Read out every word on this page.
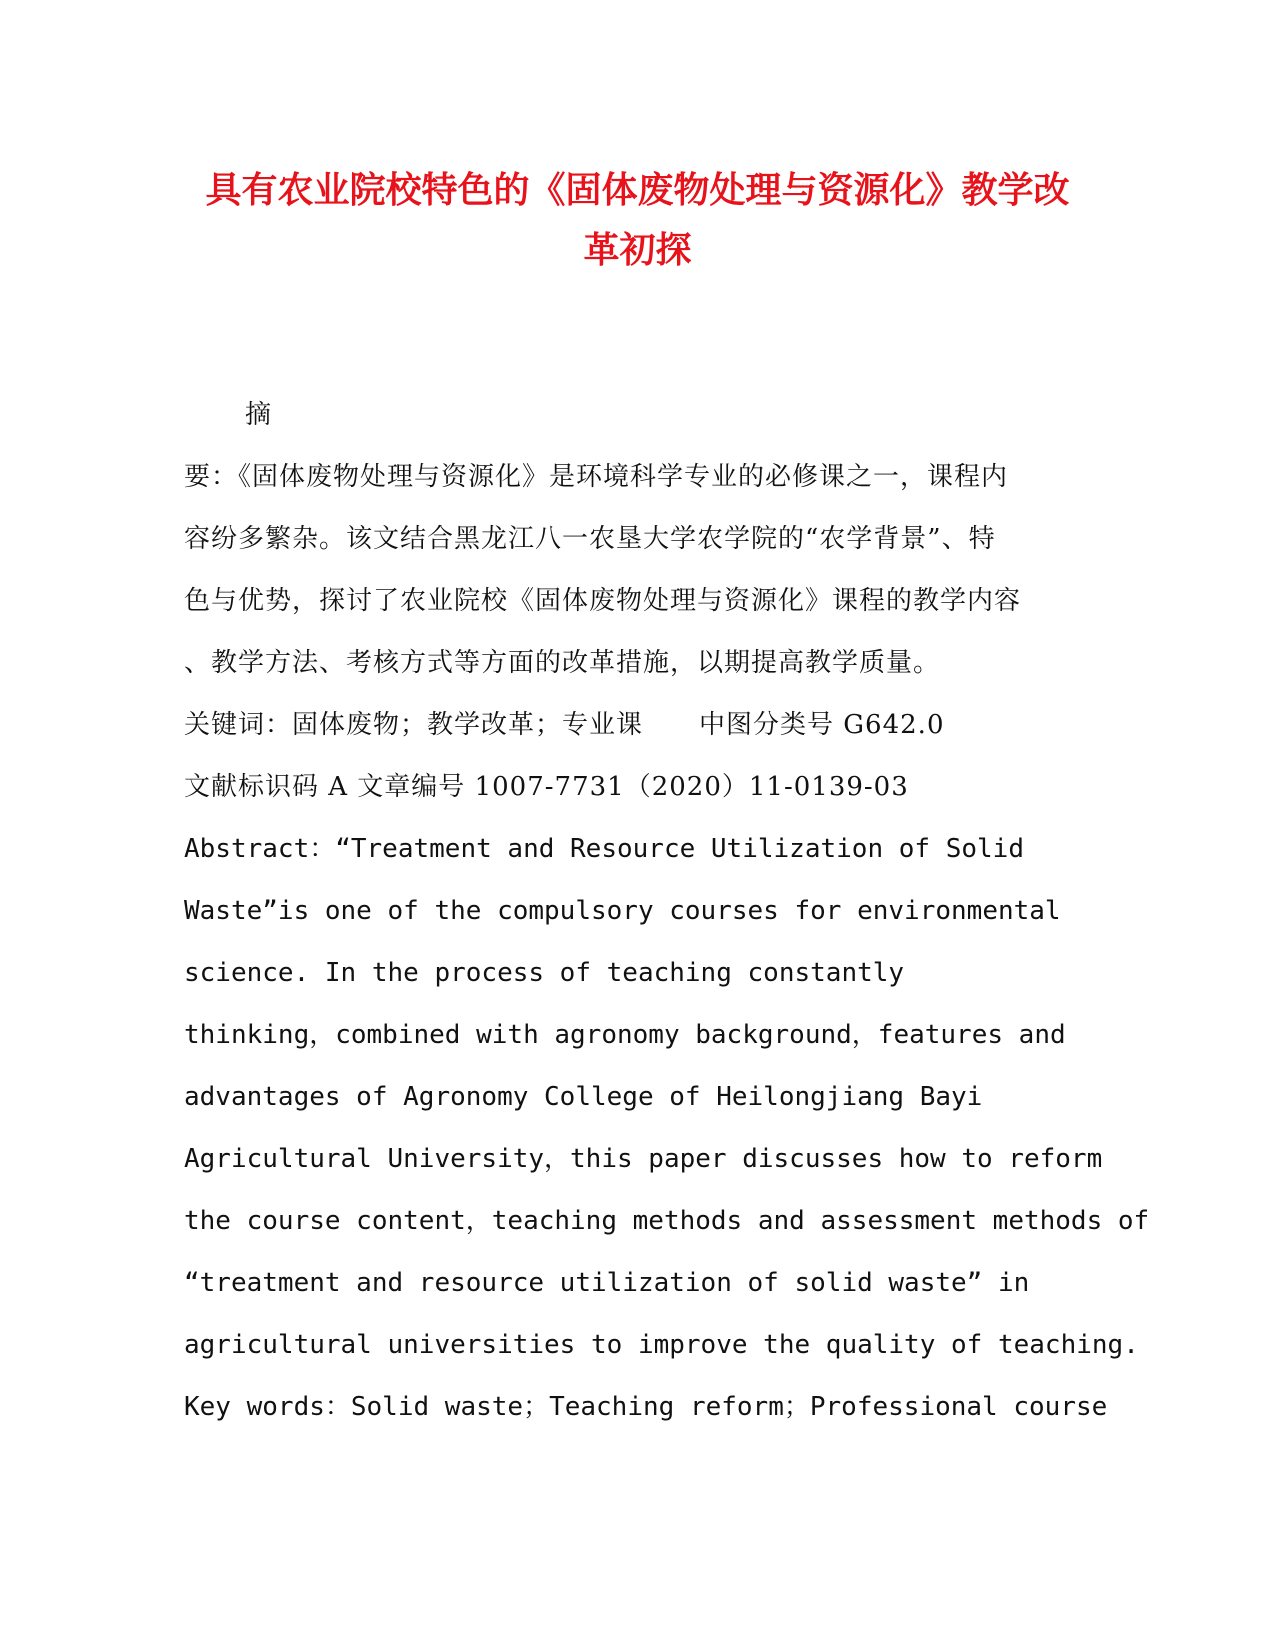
具有农业院校特色的《固体废物处理与资源化》教学改
革初探

摘

要：《固体废物处理与资源化》是环境科学专业的必修课之一，课程内

容纷多繁杂。该文结合黑龙江八一农垦大学农学院的“农学背景”、特

色与优势，探讨了农业院校《固体废物处理与资源化》课程的教学内容

、教学方法、考核方式等方面的改革措施，以期提高教学质量。

关键词：固体废物；教学改革；专业课 中图分类号 G642.0

文献标识码 A 文章编号 1007-7731（2020）11-0139-03

Abstract：“Treatment and Resource Utilization of Solid

Waste”is one of the compulsory courses for environmental

science. In the process of teaching constantly

thinking，combined with agronomy background，features and

advantages of Agronomy College of Heilongjiang Bayi

Agricultural University，this paper discusses how to reform

the course content，teaching methods and assessment methods of

“treatment and resource utilization of solid waste” in

agricultural universities to improve the quality of teaching.

Key words：Solid waste；Teaching reform；Professional course
